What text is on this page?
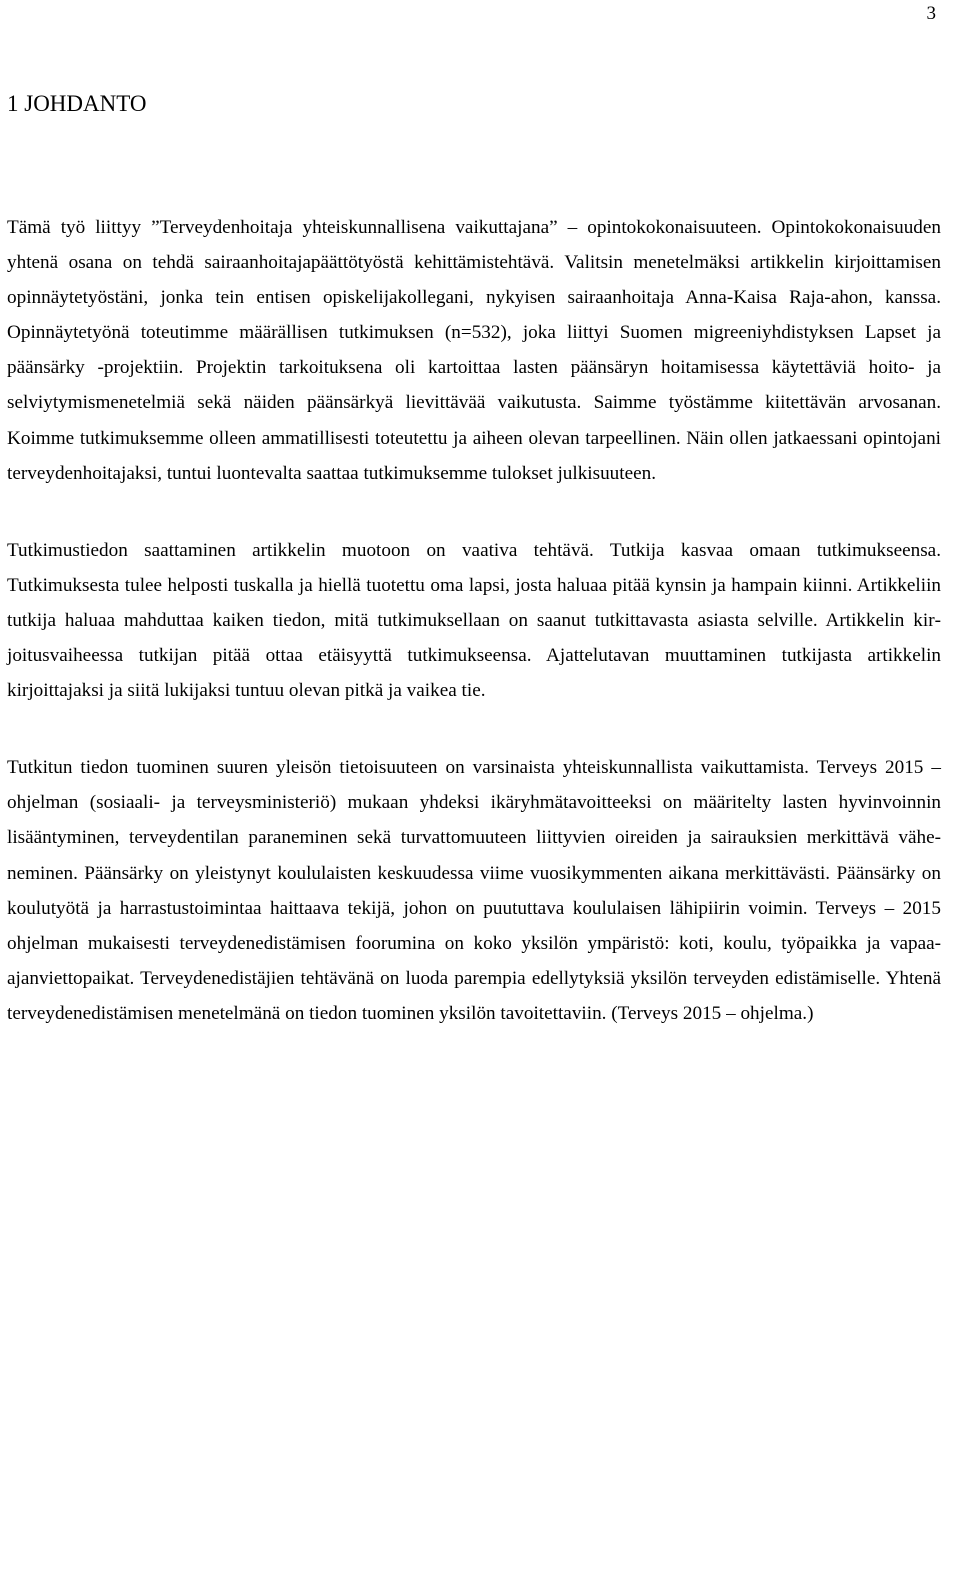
3
1 JOHDANTO

Tämä työ liittyy ”Terveydenhoitaja yhteiskunnallisena vaikuttajana” – opintokokonaisuuteen. Opintokokonaisuuden yhtenä osana on tehdä sairaanhoitajapäättötyöstä kehittämistehtävä. Valitsin menetelmäksi artikkelin kirjoittamisen opinnäytetyöstäni, jonka tein entisen opiskelijakollegani, nykyisen sairaanhoitaja Anna-Kaisa Raja-ahon, kanssa. Opinnäytetyönä toteutimme määrällisen tutkimuksen (n=532), joka liittyi Suomen migreeniyhdistyksen Lapset ja päänsärky -projektiin. Projektin tarkoituksena oli kartoittaa lasten päänsäryn hoitamisessa käytettäviä hoito- ja selviytymismenetelmiä sekä näiden päänsärkyä lievittävää vaikutusta. Saimme työstämme kiitettävän arvosanan. Koimme tutkimuksemme olleen ammatillisesti toteutettu ja aiheen olevan tarpeellinen. Näin ollen jatkaessani opintojani terveydenhoitajaksi, tuntui luontevalta saattaa tutkimuksemme tulokset julkisuuteen.

Tutkimustiedon saattaminen artikkelin muotoon on vaativa tehtävä. Tutkija kasvaa omaan tutkimukseensa. Tutkimuksesta tulee helposti tuskalla ja hiellä tuotettu oma lapsi, josta haluaa pitää kynsin ja hampain kiinni. Artikkeliin tutkija haluaa mahduttaa kaiken tiedon, mitä tutkimuksellaan on saanut tutkittavasta asiasta selville. Artikkelin kirjoitusvaiheessa tutkijan pitää ottaa etäisyyttä tutkimukseensa. Ajattelutavan muuttaminen tutkijasta artikkelin kirjoittajaksi ja siitä lukijaksi tuntuu olevan pitkä ja vaikea tie.

Tutkitun tiedon tuominen suuren yleisön tietoisuuteen on varsinaista yhteiskunnallista vaikuttamista. Terveys 2015 – ohjelman (sosiaali- ja terveysministeriö) mukaan yhdeksi ikäryhmätavoitteeksi on määritelty lasten hyvinvoinnin lisääntyminen, terveydentilan paraneminen sekä turvattomuuteen liittyvien oireiden ja sairauksien merkittävä väheneminen. Päänsärky on yleistynyt koululaisten keskuudessa viime vuosikymmenten aikana merkittävästi. Päänsärky on koulutyötä ja harrastustoimintaa haittaava tekijä, johon on puututtava koululaisen lähipiirin voimin. Terveys – 2015 ohjelman mukaisesti terveydenedistämisen foorumina on koko yksilön ympäristö: koti, koulu, työpaikka ja vapaa-ajanviettopaikat. Terveydenedistäjien tehtävänä on luoda parempia edellytyksiä yksilön terveyden edistämiselle. Yhtenä terveydenedistämisen menetelmänä on tiedon tuominen yksilön tavoitettaviin. (Terveys 2015 – ohjelma.)
